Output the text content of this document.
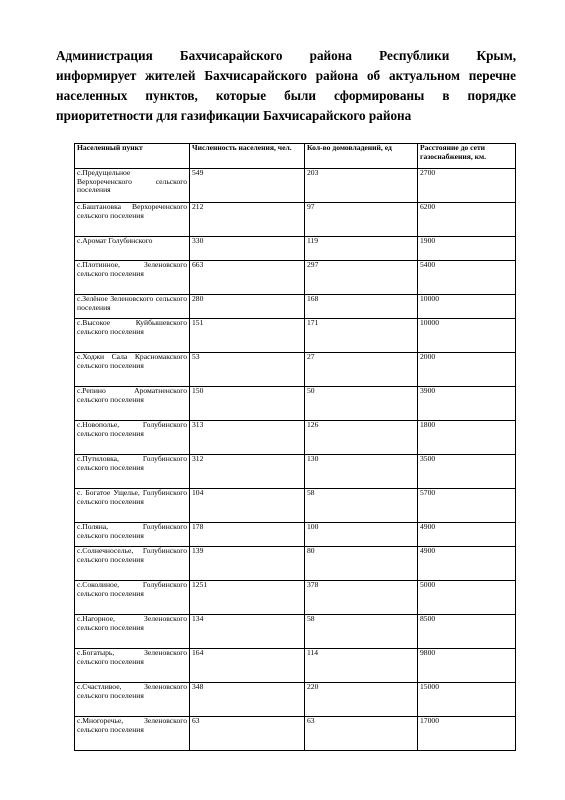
Администрация Бахчисарайского района Республики Крым,
информирует жителей Бахчисарайского района об актуальном перечне
населенных пунктов, которые были сформированы в порядке
приоритетности для газификации Бахчисарайского района
Населенный пункт	Численность населения, чел.	Кол-во домовладений, ед	Расстояние до сети газоснабжения, км.
с.Предущельное Верхореченского сельского поселения	549	203	2700
с.Баштановка Верхореченского сельского поселения	212	97	6200
с.Аромат Голубинского	330	119	1900
с.Плотинное, Зеленовского сельского поселения	663	297	5400
с.Зелёное Зеленовского сельского поселения	280	168	10000
с.Высокое Куйбышевского сельского поселения	151	171	10000
с.Ходжи Сала Красномакского сельского поселения	53	27	2000
с.Репино Ароматненского сельского поселения	150	50	3900
с.Новополье, Голубинского сельского поселения	313	126	1800
с.Путиловка, Голубинского сельского поселения	312	130	3500
с. Богатое Ущелье, Голубинского сельского поселения	104	58	5700
с.Поляна, Голубинского сельского поселения	178	100	4900
с.Солнечноселье, Голубинского сельского поселения	139	80	4900
с.Соколиное, Голубинского сельского поселения	1251	378	5000
с.Нагорное, Зеленовского сельского поселения	134	58	8500
с.Богатырь, Зеленовского сельского поселения	164	114	9800
с.Счастливое, Зеленовского сельского поселения	348	220	15000
с.Многоречье, Зеленовского сельского поселения	63	63	17000
